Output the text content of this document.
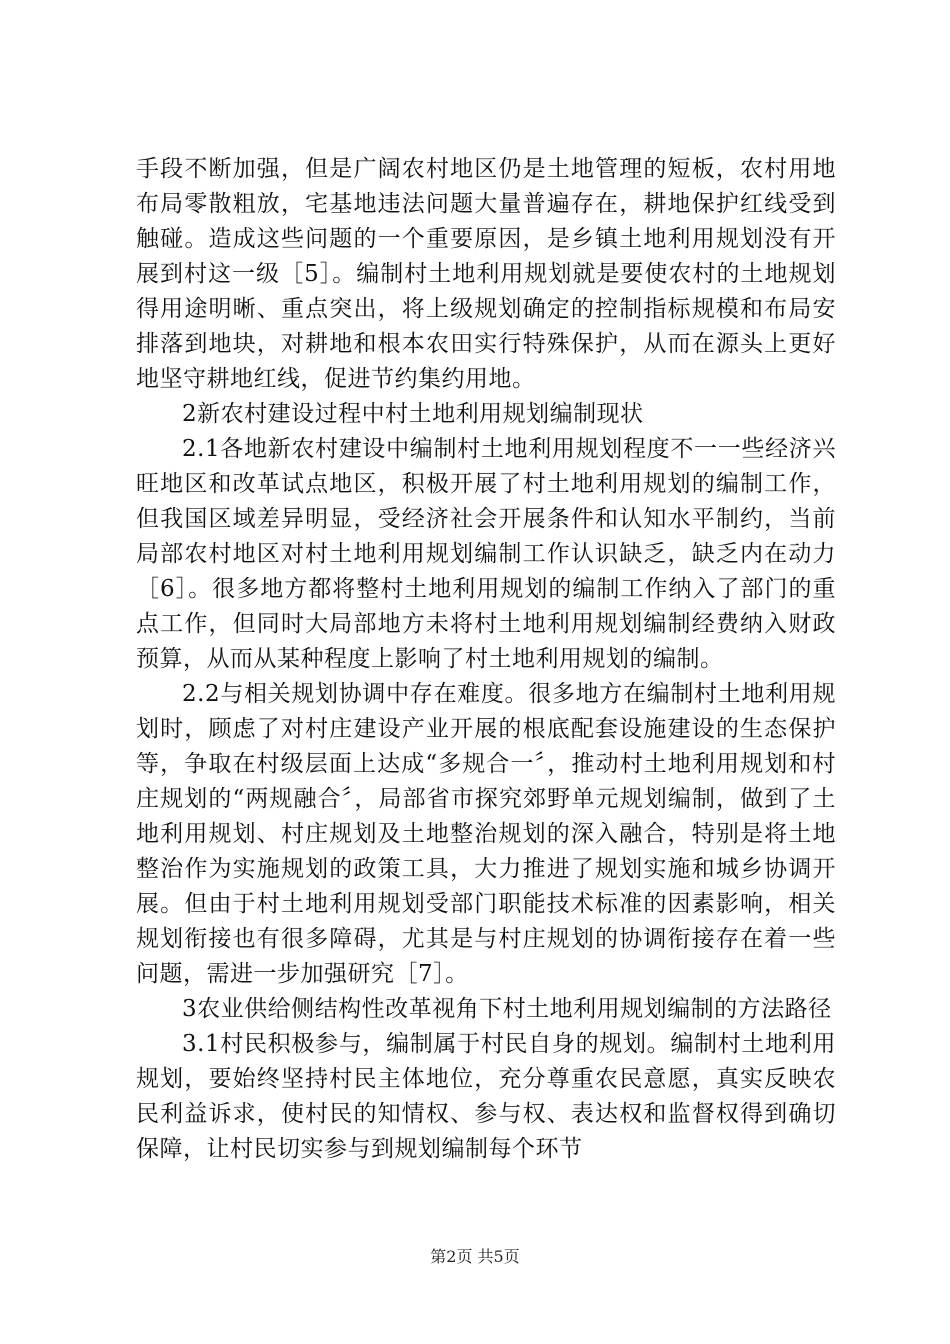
手段不断加强，但是广阔农村地区仍是土地管理的短板，农村用地布局零散粗放，宅基地违法问题大量普遍存在，耕地保护红线受到触碰。造成这些问题的一个重要原因，是乡镇土地利用规划没有开展到村这一级［5］。编制村土地利用规划就是要使农村的土地规划得用途明晰、重点突出，将上级规划确定的控制指标规模和布局安排落到地块，对耕地和根本农田实行特殊保护，从而在源头上更好地坚守耕地红线，促进节约集约用地。

2新农村建设过程中村土地利用规划编制现状

2.1各地新农村建设中编制村土地利用规划程度不一一些经济兴旺地区和改革试点地区，积极开展了村土地利用规划的编制工作，但我国区域差异明显，受经济社会开展条件和认知水平制约，当前局部农村地区对村土地利用规划编制工作认识缺乏，缺乏内在动力［6］。很多地方都将整村土地利用规划的编制工作纳入了部门的重点工作，但同时大局部地方未将村土地利用规划编制经费纳入财政预算，从而从某种程度上影响了村土地利用规划的编制。

2.2与相关规划协调中存在难度。很多地方在编制村土地利用规划时，顾虑了对村庄建设产业开展的根底配套设施建设的生态保护等，争取在村级层面上达成“多规合一〞，推动村土地利用规划和村庄规划的“两规融合〞，局部省市探究郊野单元规划编制，做到了土地利用规划、村庄规划及土地整治规划的深入融合，特别是将土地整治作为实施规划的政策工具，大力推进了规划实施和城乡协调开展。但由于村土地利用规划受部门职能技术标准的因素影响，相关规划衔接也有很多障碍，尤其是与村庄规划的协调衔接存在着一些问题，需进一步加强研究［7］。

3农业供给侧结构性改革视角下村土地利用规划编制的方法路径

3.1村民积极参与，编制属于村民自身的规划。编制村土地利用规划，要始终坚持村民主体地位，充分尊重农民意愿，真实反映农民利益诉求，使村民的知情权、参与权、表达权和监督权得到确切保障，让村民切实参与到规划编制每个环节

第2页 共5页
